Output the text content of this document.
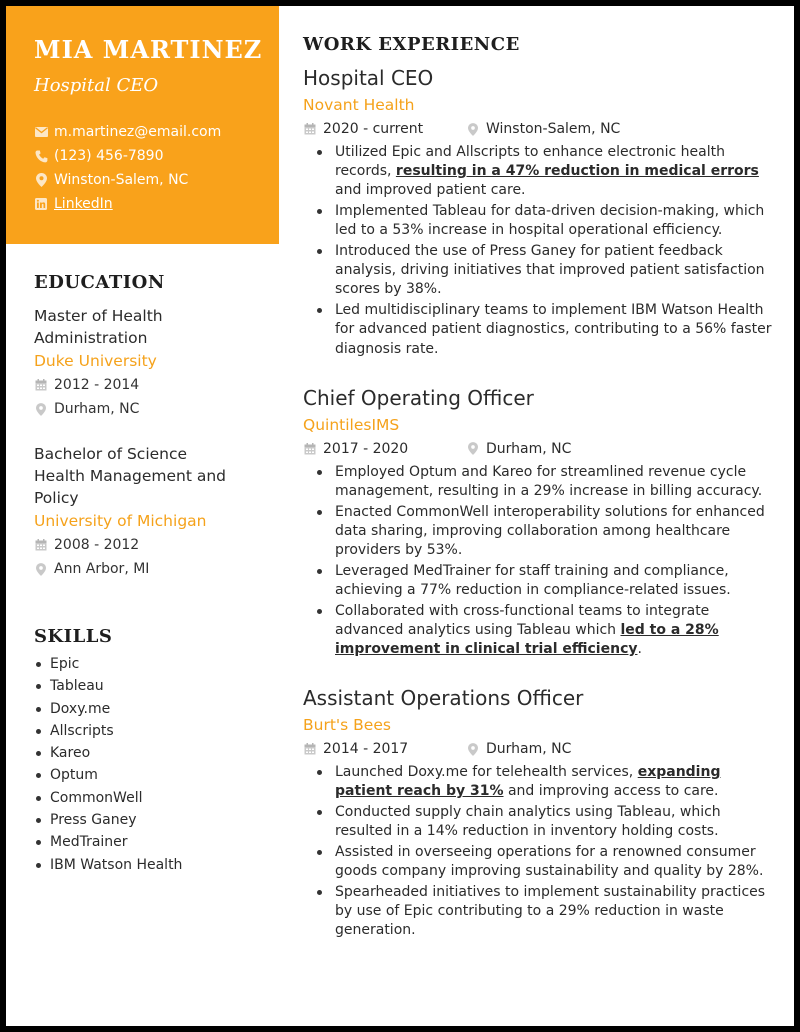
MIA MARTINEZ
Hospital CEO
m.martinez@email.com
(123) 456-7890
Winston-Salem, NC
LinkedIn
EDUCATION
Master of Health Administration
Duke University
2012 - 2014
Durham, NC
Bachelor of Science
Health Management and Policy
University of Michigan
2008 - 2012
Ann Arbor, MI
SKILLS
Epic
Tableau
Doxy.me
Allscripts
Kareo
Optum
CommonWell
Press Ganey
MedTrainer
IBM Watson Health
WORK EXPERIENCE
Hospital CEO
Novant Health
2020 - current	Winston-Salem, NC
Utilized Epic and Allscripts to enhance electronic health records, resulting in a 47% reduction in medical errors and improved patient care.
Implemented Tableau for data-driven decision-making, which led to a 53% increase in hospital operational efficiency.
Introduced the use of Press Ganey for patient feedback analysis, driving initiatives that improved patient satisfaction scores by 38%.
Led multidisciplinary teams to implement IBM Watson Health for advanced patient diagnostics, contributing to a 56% faster diagnosis rate.
Chief Operating Officer
QuintilesIMS
2017 - 2020	Durham, NC
Employed Optum and Kareo for streamlined revenue cycle management, resulting in a 29% increase in billing accuracy.
Enacted CommonWell interoperability solutions for enhanced data sharing, improving collaboration among healthcare providers by 53%.
Leveraged MedTrainer for staff training and compliance, achieving a 77% reduction in compliance-related issues.
Collaborated with cross-functional teams to integrate advanced analytics using Tableau which led to a 28% improvement in clinical trial efficiency.
Assistant Operations Officer
Burt's Bees
2014 - 2017	Durham, NC
Launched Doxy.me for telehealth services, expanding patient reach by 31% and improving access to care.
Conducted supply chain analytics using Tableau, which resulted in a 14% reduction in inventory holding costs.
Assisted in overseeing operations for a renowned consumer goods company improving sustainability and quality by 28%.
Spearheaded initiatives to implement sustainability practices by use of Epic contributing to a 29% reduction in waste generation.
